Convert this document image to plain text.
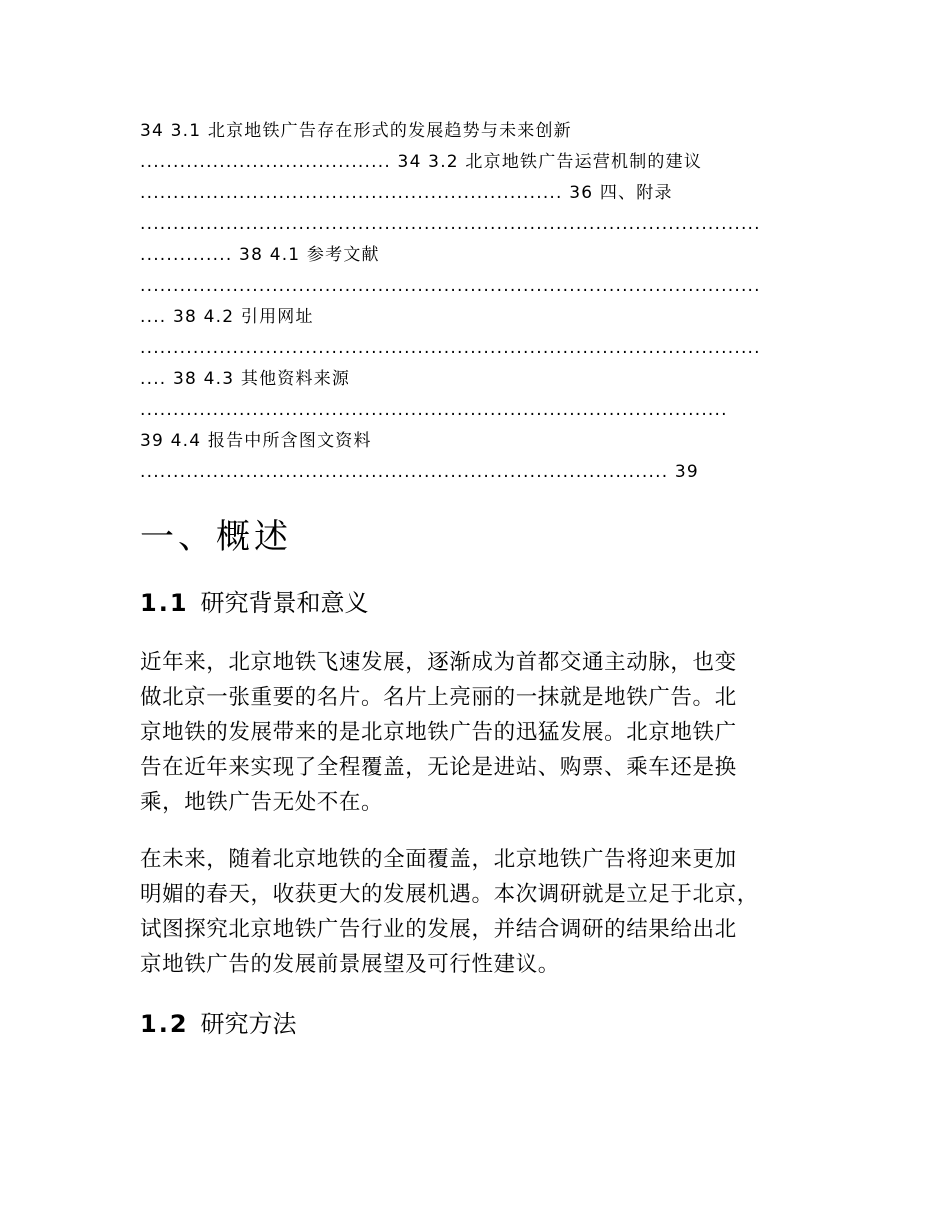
34 3.1 北京地铁广告存在形式的发展趋势与未来创新
...................................... 34 3.2 北京地铁广告运营机制的建议
................................................................ 36 四、附录
..............................................................................................
.............. 38 4.1 参考文献
..............................................................................................
.... 38 4.2 引用网址
..............................................................................................
.... 38 4.3 其他资料来源
.........................................................................................
39 4.4 报告中所含图文资料
................................................................................ 39
一、概述
1.1 研究背景和意义
近年来，北京地铁飞速发展，逐渐成为首都交通主动脉，也变
做北京一张重要的名片。名片上亮丽的一抹就是地铁广告。北
京地铁的发展带来的是北京地铁广告的迅猛发展。北京地铁广
告在近年来实现了全程覆盖，无论是进站、购票、乘车还是换
乘，地铁广告无处不在。
在未来，随着北京地铁的全面覆盖，北京地铁广告将迎来更加
明媚的春天，收获更大的发展机遇。本次调研就是立足于北京，
试图探究北京地铁广告行业的发展，并结合调研的结果给出北
京地铁广告的发展前景展望及可行性建议。
1.2 研究方法
